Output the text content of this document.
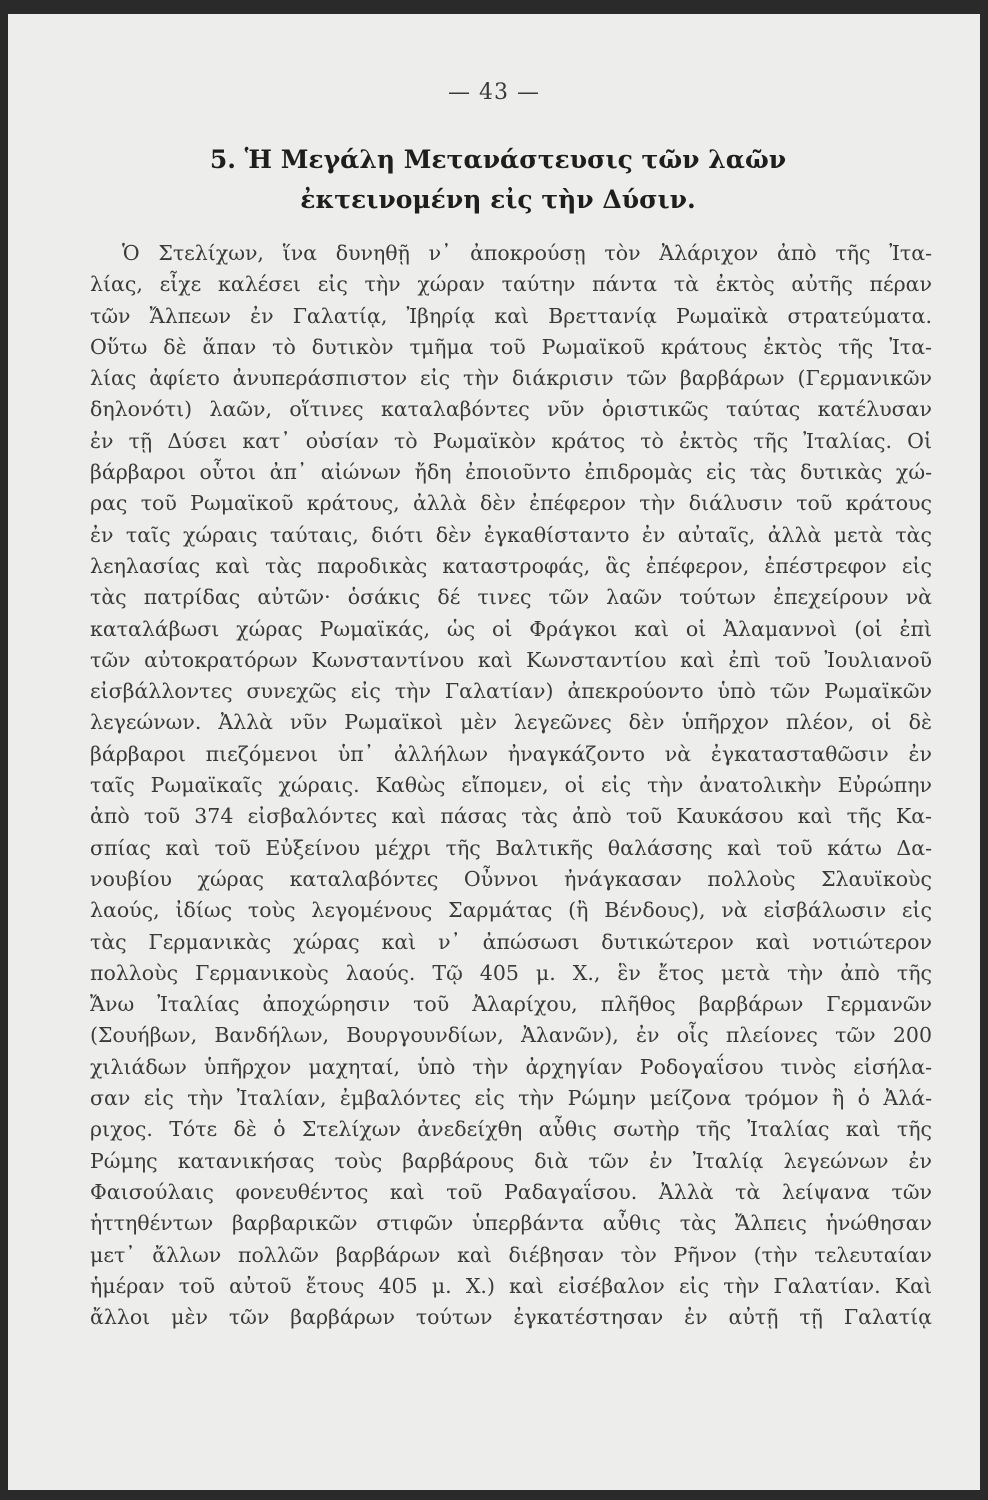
— 43 —
5. Ἡ Μεγάλη Μετανάστευσις τῶν λαῶν
ἐκτεινομένη εἰς τὴν Δύσιν.
Ὁ Στελίχων, ἵνα δυνηθῇ ν᾿ ἀποκρούσῃ τὸν Ἀλάριχον ἀπὸ τῆς Ἰτα-
λίας, εἶχε καλέσει εἰς τὴν χώραν ταύτην πάντα τὰ ἐκτὸς αὐτῆς πέραν
τῶν Ἄλπεων ἐν Γαλατίᾳ, Ἰβηρίᾳ καὶ Βρεττανίᾳ Ρωμαϊκὰ στρατεύματα.
Οὕτω δὲ ἅπαν τὸ δυτικὸν τμῆμα τοῦ Ρωμαϊκοῦ κράτους ἐκτὸς τῆς Ἰτα-
λίας ἀφίετο ἀνυπεράσπιστον εἰς τὴν διάκρισιν τῶν βαρβάρων (Γερμανικῶν
δηλονότι) λαῶν, οἵτινες καταλαβόντες νῦν ὁριστικῶς ταύτας κατέλυσαν
ἐν τῇ Δύσει κατ᾿ οὐσίαν τὸ Ρωμαϊκὸν κράτος τὸ ἐκτὸς τῆς Ἰταλίας. Οἱ
βάρβαροι οὗτοι ἀπ᾿ αἰώνων ἤδη ἐποιοῦντο ἐπιδρομὰς εἰς τὰς δυτικὰς χώ-
ρας τοῦ Ρωμαϊκοῦ κράτους, ἀλλὰ δὲν ἐπέφερον τὴν διάλυσιν τοῦ κράτους
ἐν ταῖς χώραις ταύταις, διότι δὲν ἐγκαθίσταντο ἐν αὐταῖς, ἀλλὰ μετὰ τὰς
λεηλασίας καὶ τὰς παροδικὰς καταστροφάς, ἃς ἐπέφερον, ἐπέστρεφον εἰς
τὰς πατρίδας αὐτῶν· ὁσάκις δέ τινες τῶν λαῶν τούτων ἐπεχείρουν νὰ
καταλάβωσι χώρας Ρωμαϊκάς, ὡς οἱ Φράγκοι καὶ οἱ Ἀλαμαννοὶ (οἱ ἐπὶ
τῶν αὐτοκρατόρων Κωνσταντίνου καὶ Κωνσταντίου καὶ ἐπὶ τοῦ Ἰουλιανοῦ
εἰσβάλλοντες συνεχῶς εἰς τὴν Γαλατίαν) ἀπεκρούοντο ὑπὸ τῶν Ρωμαϊκῶν
λεγεώνων. Ἀλλὰ νῦν Ρωμαϊκοὶ μὲν λεγεῶνες δὲν ὑπῆρχον πλέον, οἱ δὲ
βάρβαροι πιεζόμενοι ὑπ᾿ ἀλλήλων ἠναγκάζοντο νὰ ἐγκατασταθῶσιν ἐν
ταῖς Ρωμαϊκαῖς χώραις. Καθὼς εἴπομεν, οἱ εἰς τὴν ἀνατολικὴν Εὐρώπην
ἀπὸ τοῦ 374 εἰσβαλόντες καὶ πάσας τὰς ἀπὸ τοῦ Καυκάσου καὶ τῆς Κα-
σπίας καὶ τοῦ Εὐξείνου μέχρι τῆς Βαλτικῆς θαλάσσης καὶ τοῦ κάτω Δα-
νουβίου χώρας καταλαβόντες Οὖννοι ἠνάγκασαν πολλοὺς Σλαυϊκοὺς
λαούς, ἰδίως τοὺς λεγομένους Σαρμάτας (ἢ Βένδους), νὰ εἰσβάλωσιν εἰς
τὰς Γερμανικὰς χώρας καὶ ν᾿ ἀπώσωσι δυτικώτερον καὶ νοτιώτερον
πολλοὺς Γερμανικοὺς λαούς. Τῷ 405 μ. Χ., ἓν ἔτος μετὰ τὴν ἀπὸ τῆς
Ἄνω Ἰταλίας ἀποχώρησιν τοῦ Ἀλαρίχου, πλῆθος βαρβάρων Γερμανῶν
(Σουήβων, Βανδήλων, Βουργουνδίων, Ἀλανῶν), ἐν οἷς πλείονες τῶν 200
χιλιάδων ὑπῆρχον μαχηταί, ὑπὸ τὴν ἀρχηγίαν Ροδογαΐσου τινὸς εἰσήλα-
σαν εἰς τὴν Ἰταλίαν, ἐμβαλόντες εἰς τὴν Ρώμην μείζονα τρόμον ἢ ὁ Ἀλά-
ριχος. Τότε δὲ ὁ Στελίχων ἀνεδείχθη αὖθις σωτὴρ τῆς Ἰταλίας καὶ τῆς
Ρώμης κατανικήσας τοὺς βαρβάρους διὰ τῶν ἐν Ἰταλίᾳ λεγεώνων ἐν
Φαισούλαις φονευθέντος καὶ τοῦ Ραδαγαΐσου. Ἀλλὰ τὰ λείψανα τῶν
ἡττηθέντων βαρβαρικῶν στιφῶν ὑπερβάντα αὖθις τὰς Ἄλπεις ἡνώθησαν
μετ᾿ ἄλλων πολλῶν βαρβάρων καὶ διέβησαν τὸν Ρῆνον (τὴν τελευταίαν
ἡμέραν τοῦ αὐτοῦ ἔτους 405 μ. Χ.) καὶ εἰσέβαλον εἰς τὴν Γαλατίαν. Καὶ
ἄλλοι μὲν τῶν βαρβάρων τούτων ἐγκατέστησαν ἐν αὐτῇ τῇ Γαλατίᾳ
